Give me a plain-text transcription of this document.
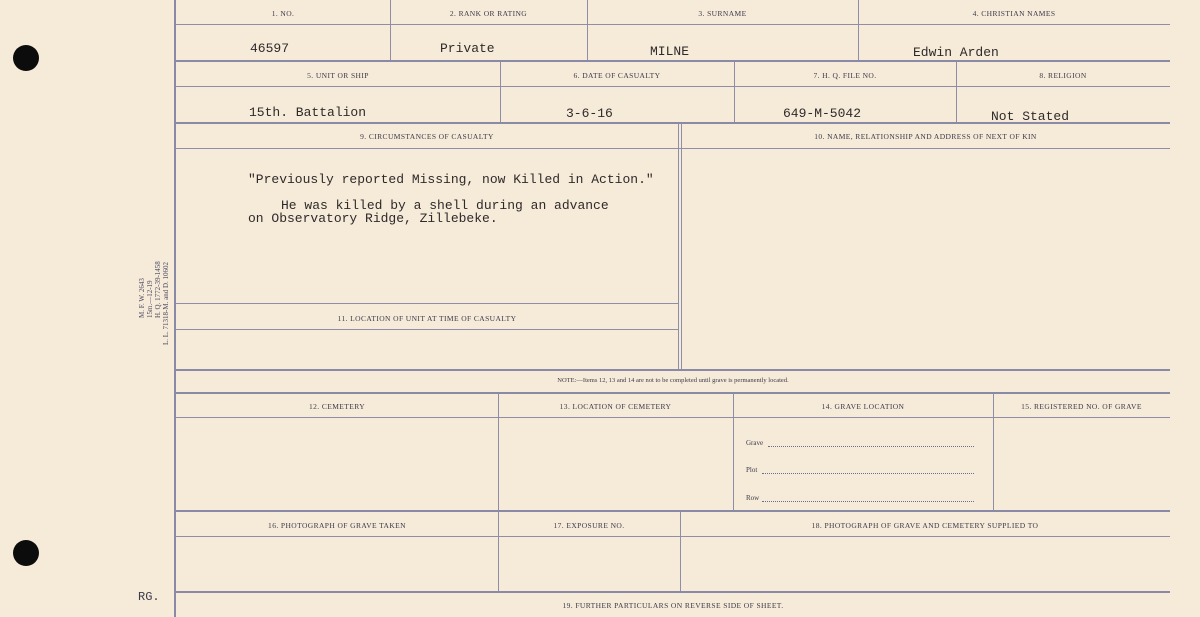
M. F. W. 2643 15m.—12-19 H. Q. 1772-39-1458 L. L. 71318-M. and D. 10602
RG.
1. NO.	2. RANK OR RATING	3. SURNAME	4. CHRISTIAN NAMES
46597	Private	MILNE	Edwin Arden
5. UNIT OR SHIP	6. DATE OF CASUALTY	7. H. Q. FILE NO.	8. RELIGION
15th. Battalion	3-6-16	649-M-5042	Not Stated
9. CIRCUMSTANCES OF CASUALTY	10. NAME, RELATIONSHIP AND ADDRESS OF NEXT OF KIN
"Previously reported Missing, now Killed in Action."
He was killed by a shell during an advance
on Observatory Ridge, Zillebeke.
11. LOCATION OF UNIT AT TIME OF CASUALTY
NOTE:—Items 12, 13 and 14 are not to be completed until grave is permanently located.
12. CEMETERY	13. LOCATION OF CEMETERY	14. GRAVE LOCATION	15. REGISTERED NO. OF GRAVE
Grave
Plot
Row
16. PHOTOGRAPH OF GRAVE TAKEN	17. EXPOSURE NO.	18. PHOTOGRAPH OF GRAVE AND CEMETERY SUPPLIED TO
19. FURTHER PARTICULARS ON REVERSE SIDE OF SHEET.
